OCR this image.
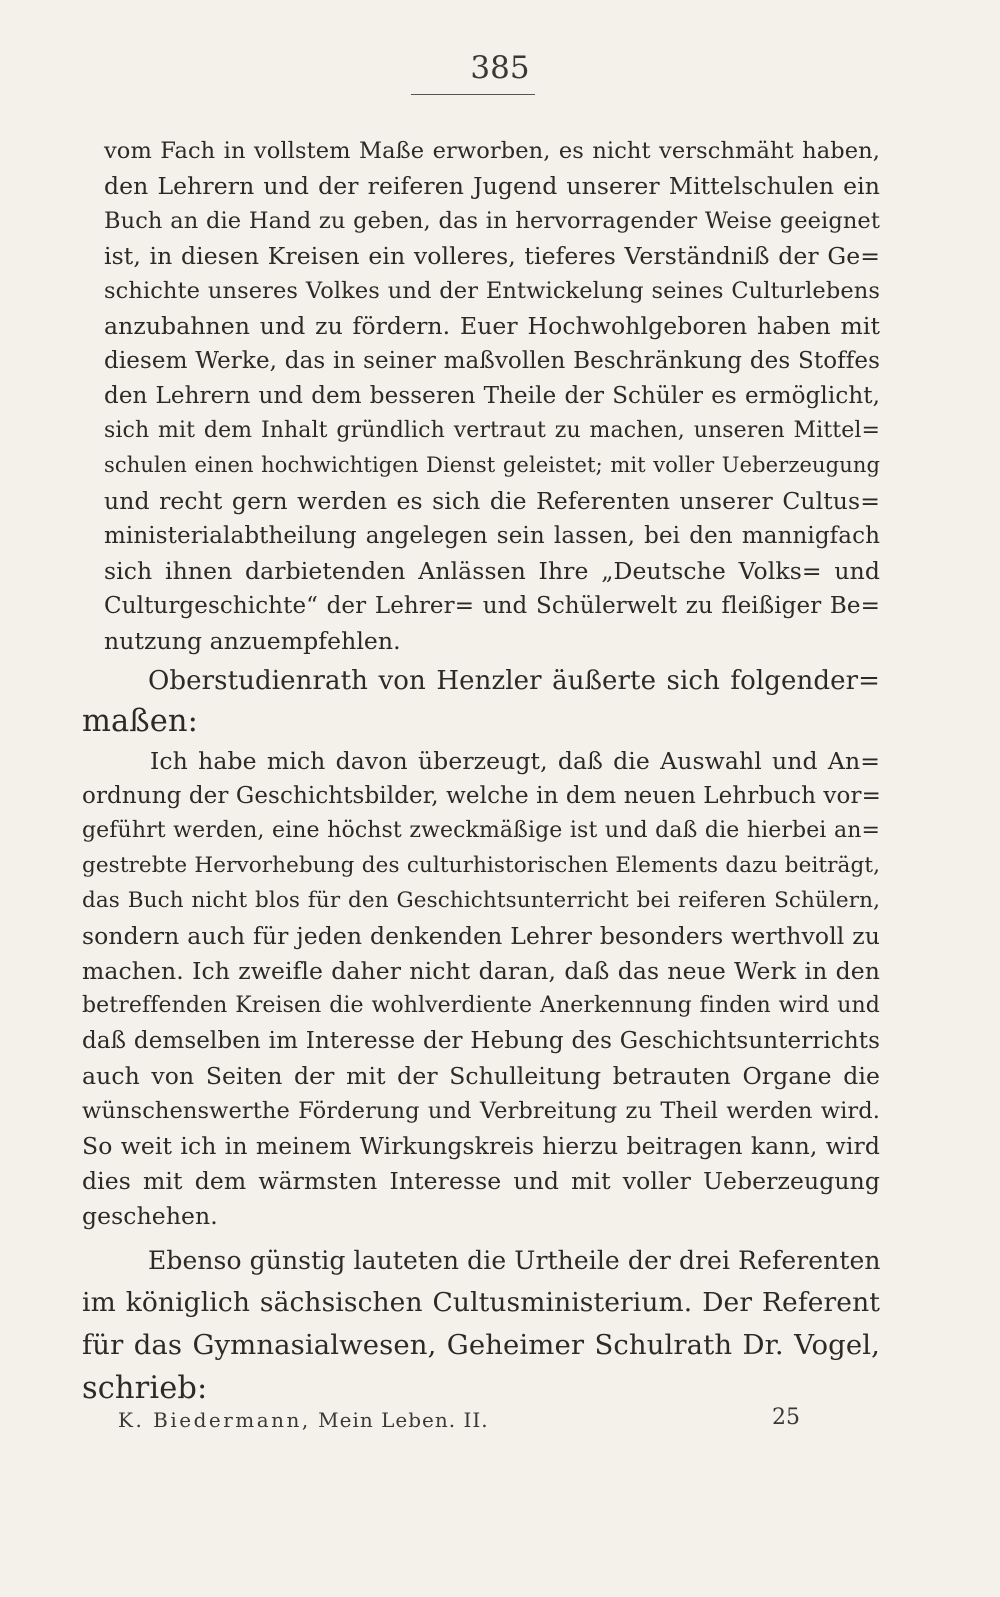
385
vom Fach in vollstem Maße erworben, es nicht verschmäht haben,
den Lehrern und der reiferen Jugend unserer Mittelschulen ein
Buch an die Hand zu geben, das in hervorragender Weise geeignet
ist, in diesen Kreisen ein volleres, tieferes Verständniß der Ge=
schichte unseres Volkes und der Entwickelung seines Culturlebens
anzubahnen und zu fördern. Euer Hochwohlgeboren haben mit
diesem Werke, das in seiner maßvollen Beschränkung des Stoffes
den Lehrern und dem besseren Theile der Schüler es ermöglicht,
sich mit dem Inhalt gründlich vertraut zu machen, unseren Mittel=
schulen einen hochwichtigen Dienst geleistet; mit voller Ueberzeugung
und recht gern werden es sich die Referenten unserer Cultus=
ministerialabtheilung angelegen sein lassen, bei den mannigfach
sich ihnen darbietenden Anlässen Ihre „Deutsche Volks= und
Culturgeschichte“ der Lehrer= und Schülerwelt zu fleißiger Be=
nutzung anzuempfehlen.
Oberstudienrath von Henzler äußerte sich folgender=
maßen:
Ich habe mich davon überzeugt, daß die Auswahl und An=
ordnung der Geschichtsbilder, welche in dem neuen Lehrbuch vor=
geführt werden, eine höchst zweckmäßige ist und daß die hierbei an=
gestrebte Hervorhebung des culturhistorischen Elements dazu beiträgt,
das Buch nicht blos für den Geschichtsunterricht bei reiferen Schülern,
sondern auch für jeden denkenden Lehrer besonders werthvoll zu
machen. Ich zweifle daher nicht daran, daß das neue Werk in den
betreffenden Kreisen die wohlverdiente Anerkennung finden wird und
daß demselben im Interesse der Hebung des Geschichtsunterrichts
auch von Seiten der mit der Schulleitung betrauten Organe die
wünschenswerthe Förderung und Verbreitung zu Theil werden wird.
So weit ich in meinem Wirkungskreis hierzu beitragen kann, wird
dies mit dem wärmsten Interesse und mit voller Ueberzeugung
geschehen.
Ebenso günstig lauteten die Urtheile der drei Referenten
im königlich sächsischen Cultusministerium. Der Referent
für das Gymnasialwesen, Geheimer Schulrath Dr. Vogel,
schrieb:
K. Biedermann, Mein Leben. II.	25
